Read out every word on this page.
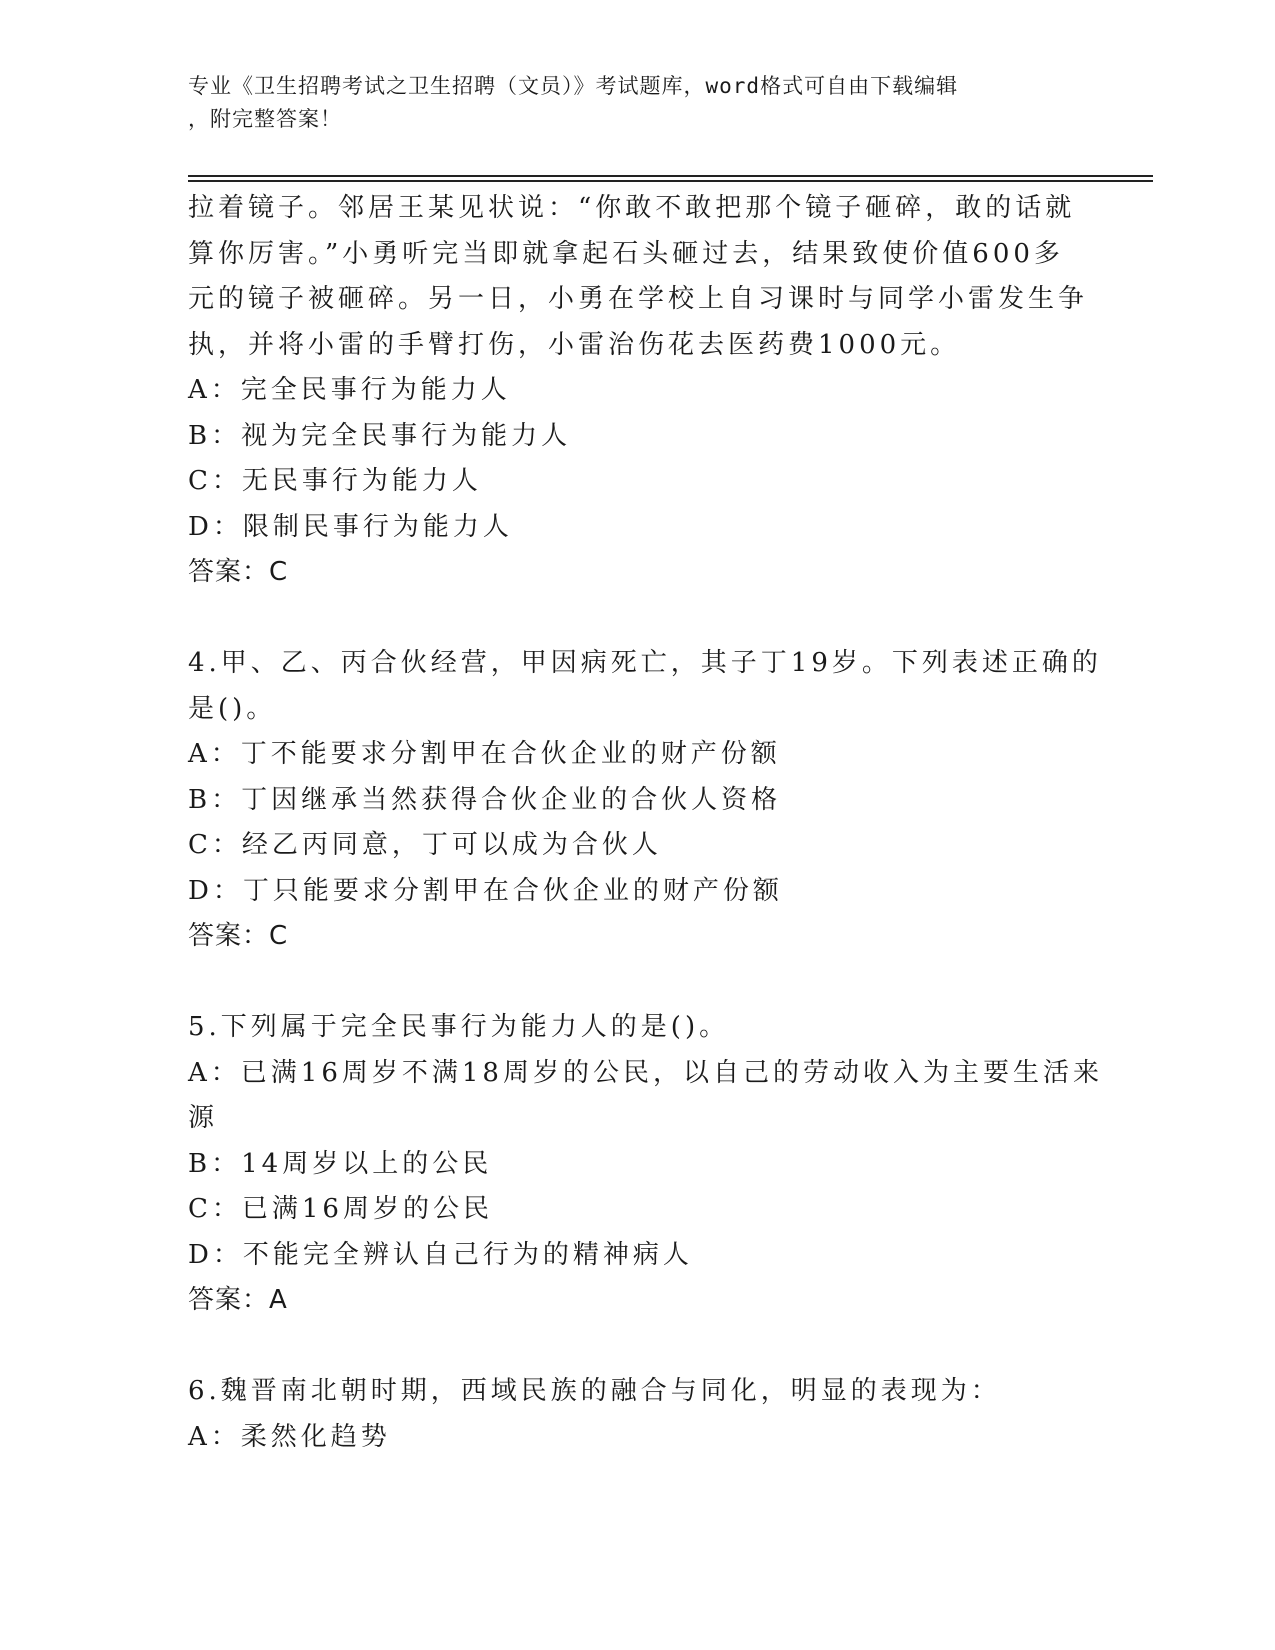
专业《卫生招聘考试之卫生招聘（文员）》考试题库，word格式可自由下载编辑
，附完整答案！
拉着镜子。邻居王某见状说：“你敢不敢把那个镜子砸碎，敢的话就
算你厉害。”小勇听完当即就拿起石头砸过去，结果致使价值600多
元的镜子被砸碎。另一日，小勇在学校上自习课时与同学小雷发生争
执，并将小雷的手臂打伤，小雷治伤花去医药费1000元。
A：完全民事行为能力人
B：视为完全民事行为能力人
C：无民事行为能力人
D：限制民事行为能力人
答案：C
4.甲、乙、丙合伙经营，甲因病死亡，其子丁19岁。下列表述正确的
是()。
A：丁不能要求分割甲在合伙企业的财产份额
B：丁因继承当然获得合伙企业的合伙人资格
C：经乙丙同意，丁可以成为合伙人
D：丁只能要求分割甲在合伙企业的财产份额
答案：C
5.下列属于完全民事行为能力人的是()。
A：已满16周岁不满18周岁的公民，以自己的劳动收入为主要生活来
源
B：14周岁以上的公民
C：已满16周岁的公民
D：不能完全辨认自己行为的精神病人
答案：A
6.魏晋南北朝时期，西域民族的融合与同化，明显的表现为：
A：柔然化趋势
